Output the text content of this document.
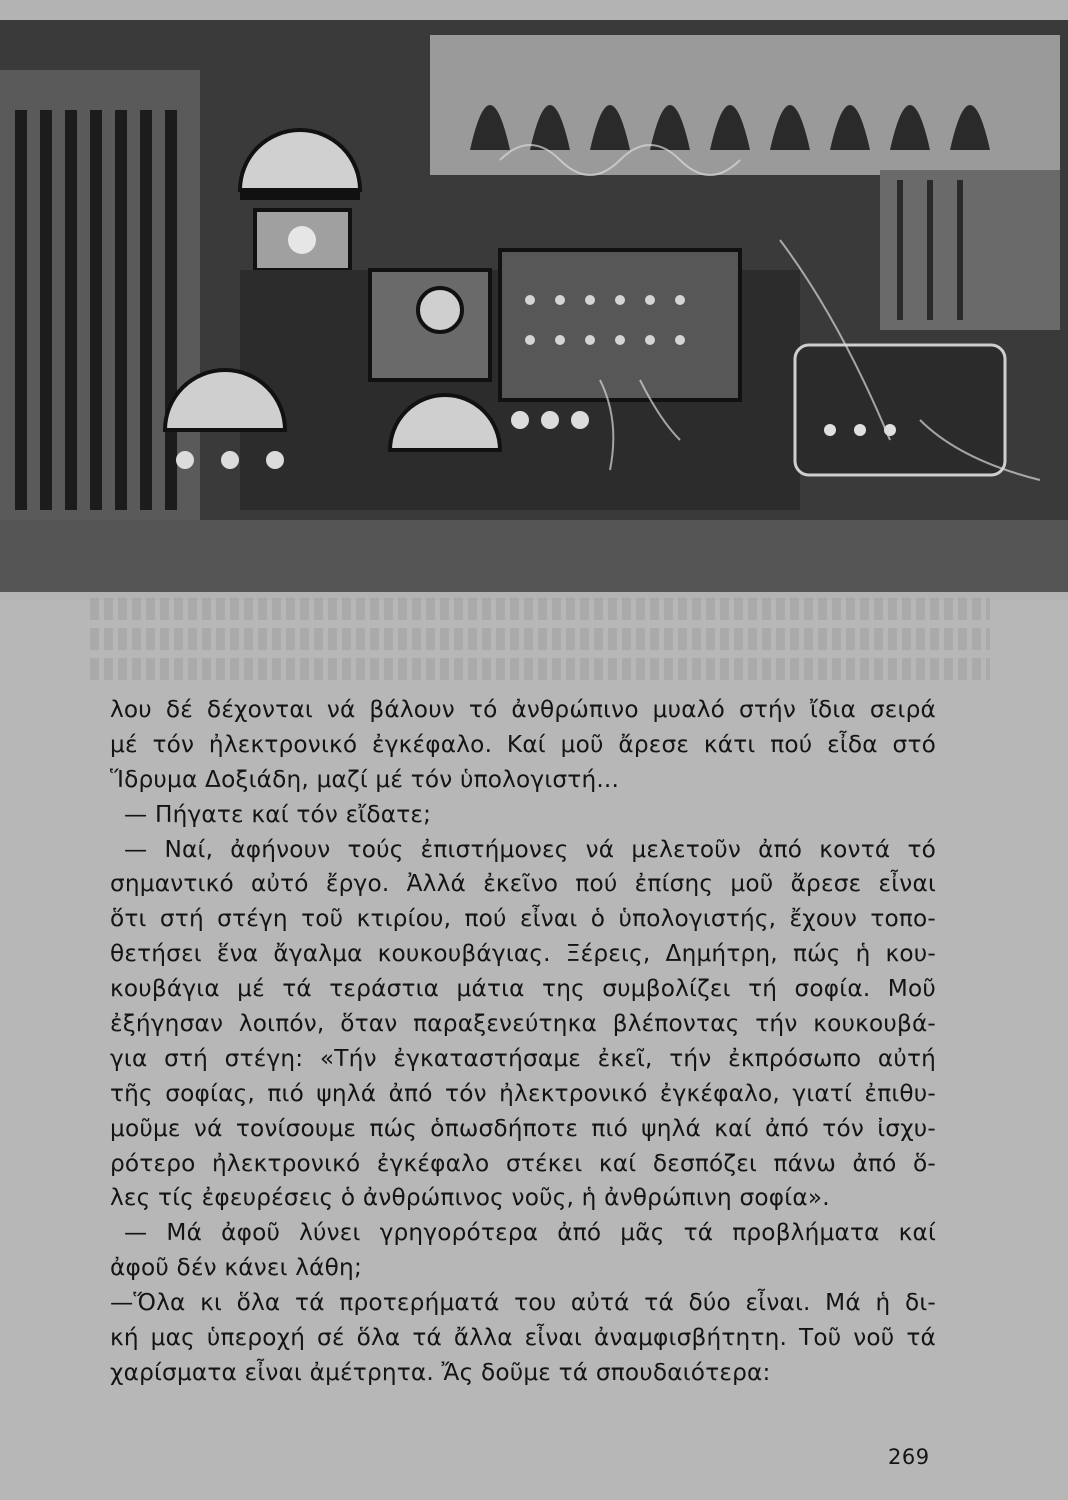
λου δέ δέχονται νά βάλουν τό ἀνθρώπινο μυαλό στήν ἴδια σειρά
μέ τόν ἠλεκτρονικό ἐγκέφαλο. Καί μοῦ ἄρεσε κάτι πού εἶδα στό
Ἵδρυμα Δοξιάδη, μαζί μέ τόν ὑπολογιστή...
— Πήγατε καί τόν εἴδατε;
— Ναί, ἀφήνουν τούς ἐπιστήμονες νά μελετοῦν ἀπό κοντά τό
σημαντικό αὐτό ἔργο. Ἀλλά ἐκεῖνο πού ἐπίσης μοῦ ἄρεσε εἶναι
ὅτι στή στέγη τοῦ κτιρίου, πού εἶναι ὁ ὑπολογιστής, ἔχουν τοπο-
θετήσει ἕνα ἄγαλμα κουκουβάγιας. Ξέρεις, Δημήτρη, πώς ἡ κου-
κουβάγια μέ τά τεράστια μάτια της συμβολίζει τή σοφία. Μοῦ
ἐξήγησαν λοιπόν, ὅταν παραξενεύτηκα βλέποντας τήν κουκουβά-
για στή στέγη: «Τήν ἐγκαταστήσαμε ἐκεῖ, τήν ἐκπρόσωπο αὐτή
τῆς σοφίας, πιό ψηλά ἀπό τόν ἠλεκτρονικό ἐγκέφαλο, γιατί ἐπιθυ-
μοῦμε νά τονίσουμε πώς ὁπωσδήποτε πιό ψηλά καί ἀπό τόν ἰσχυ-
ρότερο ἠλεκτρονικό ἐγκέφαλο στέκει καί δεσπόζει πάνω ἀπό ὅ-
λες τίς ἐφευρέσεις ὁ ἀνθρώπινος νοῦς, ἡ ἀνθρώπινη σοφία».
— Μά ἀφοῦ λύνει γρηγορότερα ἀπό μᾶς τά προβλήματα καί
ἀφοῦ δέν κάνει λάθη;
—Ὅλα κι ὅλα τά προτερήματά του αὐτά τά δύο εἶναι. Μά ἡ δι-
κή μας ὑπεροχή σέ ὅλα τά ἄλλα εἶναι ἀναμφισβήτητη. Τοῦ νοῦ τά
χαρίσματα εἶναι ἀμέτρητα. Ἄς δοῦμε τά σπουδαιότερα:
269
